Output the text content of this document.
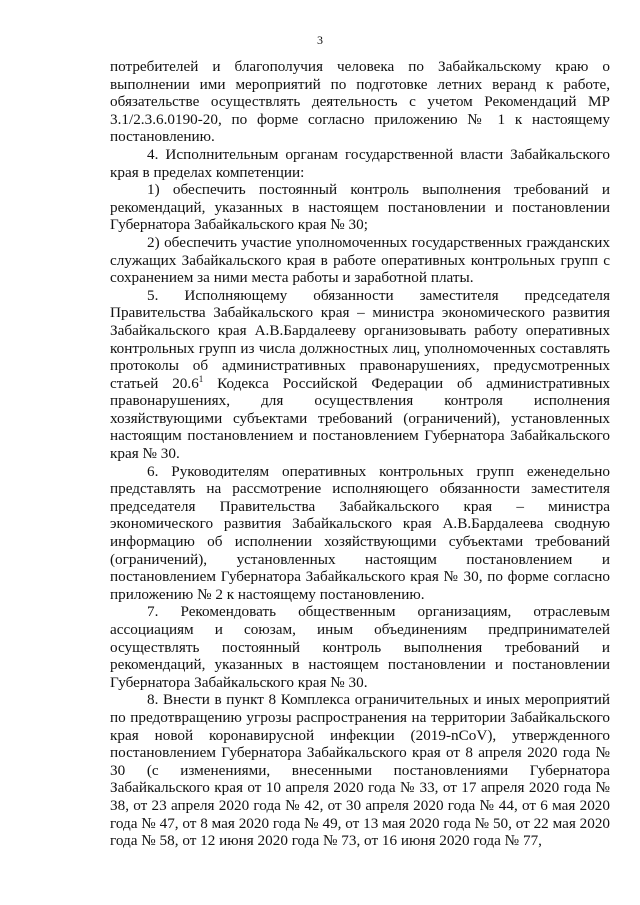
3

потребителей и благополучия человека по Забайкальскому краю о выполнении ими мероприятий по подготовке летних веранд к работе, обязательстве осуществлять деятельность с учетом Рекомендаций МР 3.1/2.3.6.0190-20, по форме согласно приложению № 1 к настоящему постановлению.

4. Исполнительным органам государственной власти Забайкальского края в пределах компетенции:

1) обеспечить постоянный контроль выполнения требований и рекомендаций, указанных в настоящем постановлении и постановлении Губернатора Забайкальского края № 30;

2) обеспечить участие уполномоченных государственных гражданских служащих Забайкальского края в работе оперативных контрольных групп с сохранением за ними места работы и заработной платы.

5. Исполняющему обязанности заместителя председателя Правительства Забайкальского края – министра экономического развития Забайкальского края А.В.Бардалееву организовывать работу оперативных контрольных групп из числа должностных лиц, уполномоченных составлять протоколы об административных правонарушениях, предусмотренных статьей 20.6$^1$ Кодекса Российской Федерации об административных правонарушениях, для осуществления контроля исполнения хозяйствующими субъектами требований (ограничений), установленных настоящим постановлением и постановлением Губернатора Забайкальского края № 30.

6. Руководителям оперативных контрольных групп еженедельно представлять на рассмотрение исполняющего обязанности заместителя председателя Правительства Забайкальского края – министра экономического развития Забайкальского края А.В.Бардалеева сводную информацию об исполнении хозяйствующими субъектами требований (ограничений), установленных настоящим постановлением и постановлением Губернатора Забайкальского края № 30, по форме согласно приложению № 2 к настоящему постановлению.

7. Рекомендовать общественным организациям, отраслевым ассоциациям и союзам, иным объединениям предпринимателей осуществлять постоянный контроль выполнения требований и рекомендаций, указанных в настоящем постановлении и постановлении Губернатора Забайкальского края № 30.

8. Внести в пункт 8 Комплекса ограничительных и иных мероприятий по предотвращению угрозы распространения на территории Забайкальского края новой коронавирусной инфекции (2019-nCoV), утвержденного постановлением Губернатора Забайкальского края от 8 апреля 2020 года № 30 (с изменениями, внесенными постановлениями Губернатора Забайкальского края от 10 апреля 2020 года № 33, от 17 апреля 2020 года № 38, от 23 апреля 2020 года № 42, от 30 апреля 2020 года № 44, от 6 мая 2020 года № 47, от 8 мая 2020 года № 49, от 13 мая 2020 года № 50, от 22 мая 2020 года № 58, от 12 июня 2020 года № 73, от 16 июня 2020 года № 77,
